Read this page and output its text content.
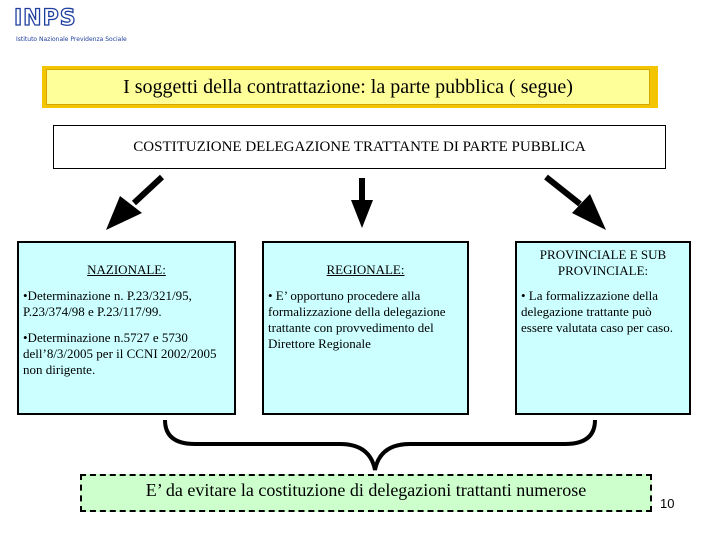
INPS
Istituto Nazionale Previdenza Sociale
I soggetti della contrattazione: la parte pubblica ( segue)
COSTITUZIONE DELEGAZIONE TRATTANTE DI PARTE PUBBLICA
NAZIONALE:
•Determinazione n. P.23/321/95, P.23/374/98 e P.23/117/99.
•Determinazione n.5727 e 5730 dell’8/3/2005 per il CCNI 2002/2005 non dirigente.
REGIONALE:
• E’ opportuno procedere alla formalizzazione della delegazione trattante con provvedimento del Direttore Regionale
PROVINCIALE E SUB PROVINCIALE:
• La formalizzazione della delegazione trattante può essere valutata caso per caso.
E’ da evitare la costituzione di delegazioni trattanti numerose
10
